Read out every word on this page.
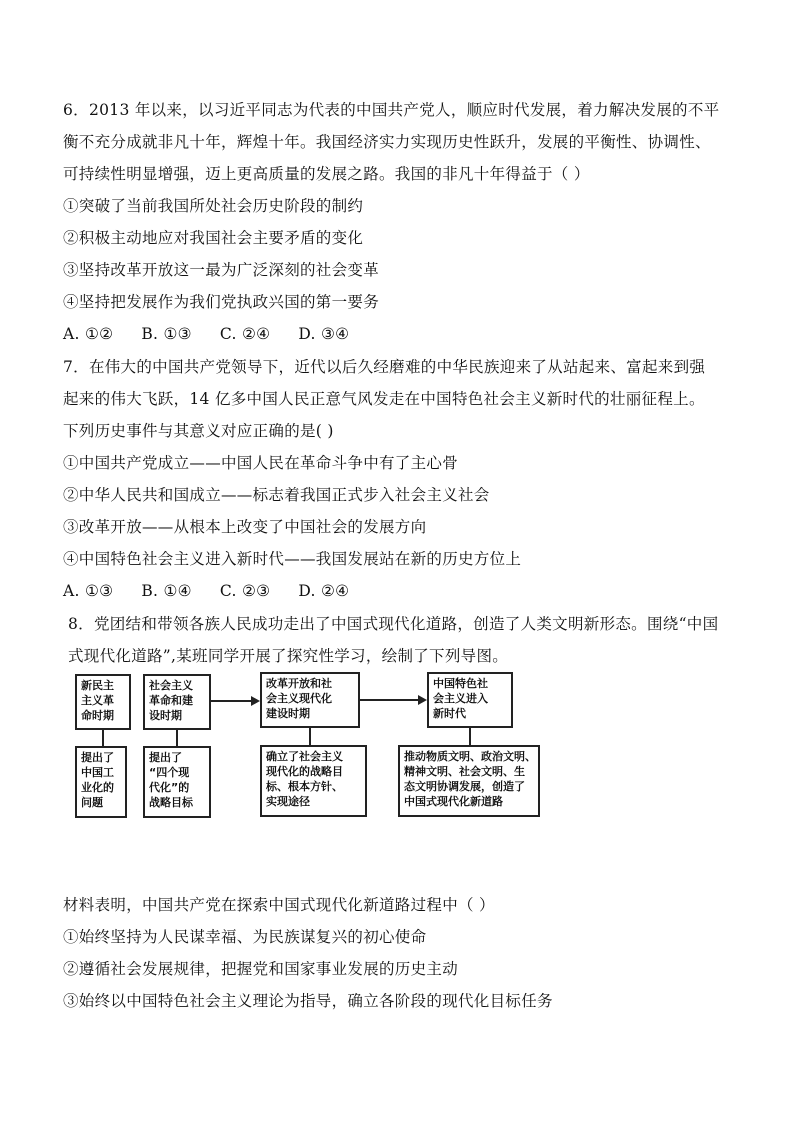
6．2013 年以来，以习近平同志为代表的中国共产党人，顺应时代发展，着力解决发展的不平
衡不充分成就非凡十年，辉煌十年。我国经济实力实现历史性跃升，发展的平衡性、协调性、
可持续性明显增强，迈上更高质量的发展之路。我国的非凡十年得益于（ ）
①突破了当前我国所处社会历史阶段的制约
②积极主动地应对我国社会主要矛盾的变化
③坚持改革开放这一最为广泛深刻的社会变革
④坚持把发展作为我们党执政兴国的第一要务
A. ①② B. ①③ C. ②④ D. ③④
7．在伟大的中国共产党领导下，近代以后久经磨难的中华民族迎来了从站起来、富起来到强
起来的伟大飞跃，14 亿多中国人民正意气风发走在中国特色社会主义新时代的壮丽征程上。
下列历史事件与其意义对应正确的是( )
①中国共产党成立——中国人民在革命斗争中有了主心骨
②中华人民共和国成立——标志着我国正式步入社会主义社会
③改革开放——从根本上改变了中国社会的发展方向
④中国特色社会主义进入新时代——我国发展站在新的历史方位上
A. ①③ B. ①④ C. ②③ D. ②④
8．党团结和带领各族人民成功走出了中国式现代化道路，创造了人类文明新形态。围绕“中国
式现代化道路”,某班同学开展了探究性学习，绘制了下列导图。
新民主
主义革
命时期
社会主义
革命和建
设时期
改革开放和社
会主义现代化
建设时期
中国特色社
会主义进入
新时代
提出了
中国工
业化的
问题
提出了
“四个现
代化”的
战略目标
确立了社会主义
现代化的战略目
标、根本方针、
实现途径
推动物质文明、政治文明、
精神文明、社会文明、生
态文明协调发展，创造了
中国式现代化新道路
材料表明，中国共产党在探索中国式现代化新道路过程中（ ）
①始终坚持为人民谋幸福、为民族谋复兴的初心使命
②遵循社会发展规律，把握党和国家事业发展的历史主动
③始终以中国特色社会主义理论为指导，确立各阶段的现代化目标任务
